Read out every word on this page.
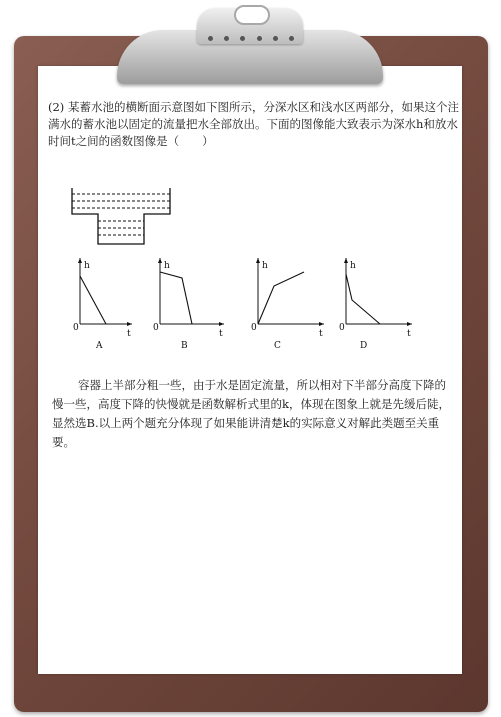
(2) 某蓄水池的横断面示意图如下图所示，分深水区和浅水区两部分，如果这个注满水的蓄水池以固定的流量把水全部放出。下面的图像能大致表示为深水h和放水时间t之间的函数图像是（　　）
h
t
0
A
h
t
0
B
h
t
0
C
h
t
0
D
容器上半部分粗一些，由于水是固定流量，所以相对下半部分高度下降的慢一些，高度下降的快慢就是函数解析式里的k，体现在图象上就是先缓后陡，显然选B.以上两个题充分体现了如果能讲清楚k的实际意义对解此类题至关重要。
